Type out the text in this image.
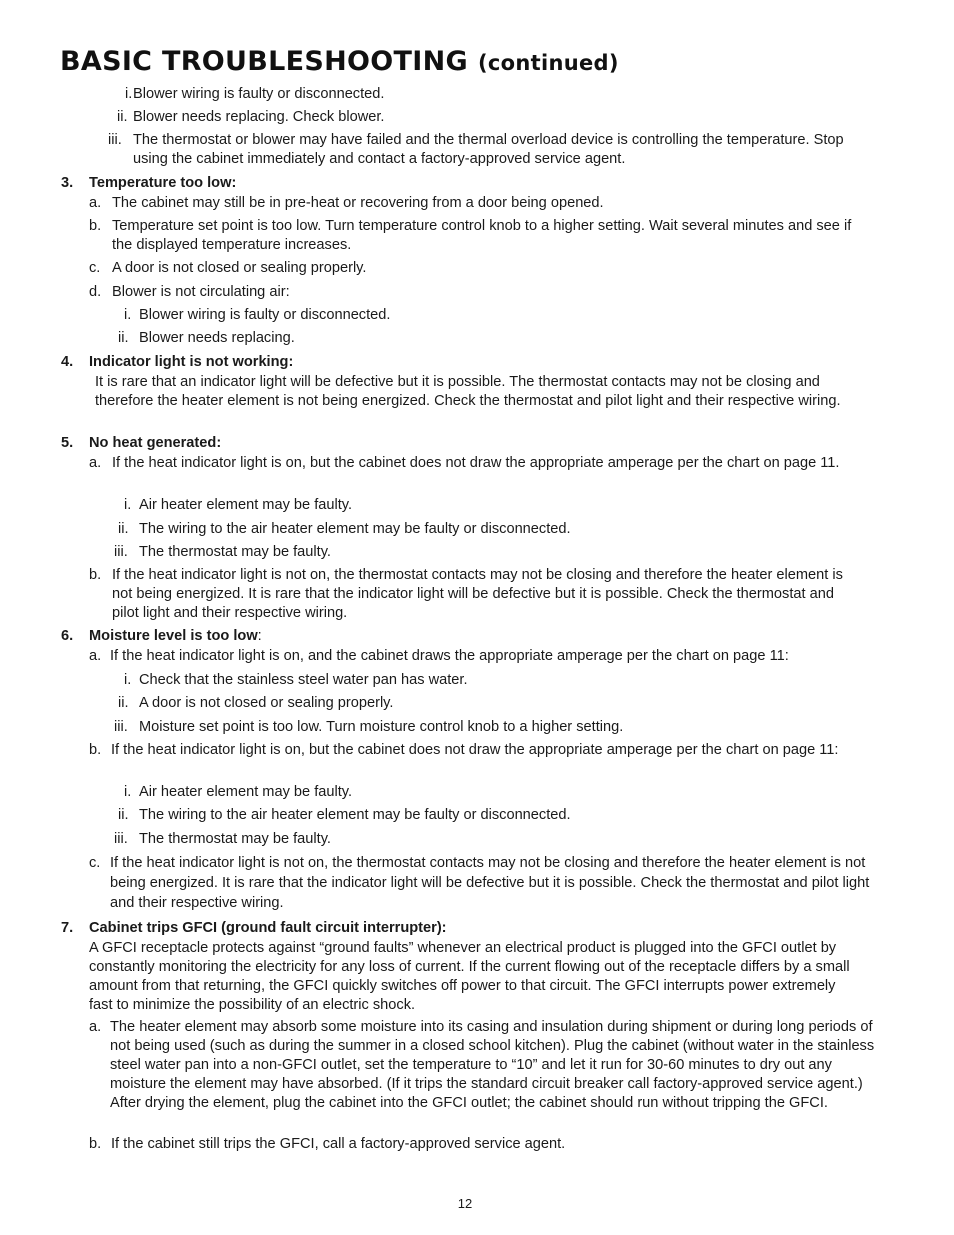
BASIC TROUBLESHOOTING (continued)
i. Blower wiring is faulty or disconnected.
ii. Blower needs replacing. Check blower.
iii. The thermostat or blower may have failed and the thermal overload device is controlling the temperature. Stop using the cabinet immediately and contact a factory-approved service agent.
3. Temperature too low:
a. The cabinet may still be in pre-heat or recovering from a door being opened.
b. Temperature set point is too low. Turn temperature control knob to a higher setting. Wait several minutes and see if the displayed temperature increases.
c. A door is not closed or sealing properly.
d. Blower is not circulating air:
i. Blower wiring is faulty or disconnected.
ii. Blower needs replacing.
4. Indicator light is not working:
It is rare that an indicator light will be defective but it is possible. The thermostat contacts may not be closing and therefore the heater element is not being energized. Check the thermostat and pilot light and their respective wiring.
5. No heat generated:
a. If the heat indicator light is on, but the cabinet does not draw the appropriate amperage per the chart on page 11.
i. Air heater element may be faulty.
ii. The wiring to the air heater element may be faulty or disconnected.
iii. The thermostat may be faulty.
b. If the heat indicator light is not on, the thermostat contacts may not be closing and therefore the heater element is not being energized. It is rare that the indicator light will be defective but it is possible. Check the thermostat and pilot light and their respective wiring.
6. Moisture level is too low:
a. If the heat indicator light is on, and the cabinet draws the appropriate amperage per the chart on page 11:
i. Check that the stainless steel water pan has water.
ii. A door is not closed or sealing properly.
iii. Moisture set point is too low. Turn moisture control knob to a higher setting.
b. If the heat indicator light is on, but the cabinet does not draw the appropriate amperage per the chart on page 11:
i. Air heater element may be faulty.
ii. The wiring to the air heater element may be faulty or disconnected.
iii. The thermostat may be faulty.
c. If the heat indicator light is not on, the thermostat contacts may not be closing and therefore the heater element is not being energized. It is rare that the indicator light will be defective but it is possible. Check the thermostat and pilot light and their respective wiring.
7. Cabinet trips GFCI (ground fault circuit interrupter):
A GFCI receptacle protects against “ground faults” whenever an electrical product is plugged into the GFCI outlet by constantly monitoring the electricity for any loss of current. If the current flowing out of the receptacle differs by a small amount from that returning, the GFCI quickly switches off power to that circuit. The GFCI interrupts power extremely fast to minimize the possibility of an electric shock.
a. The heater element may absorb some moisture into its casing and insulation during shipment or during long periods of not being used (such as during the summer in a closed school kitchen). Plug the cabinet (without water in the stainless steel water pan into a non-GFCI outlet, set the temperature to “10” and let it run for 30-60 minutes to dry out any moisture the element may have absorbed. (If it trips the standard circuit breaker call factory-approved service agent.) After drying the element, plug the cabinet into the GFCI outlet; the cabinet should run without tripping the GFCI.
b. If the cabinet still trips the GFCI, call a factory-approved service agent.
12
